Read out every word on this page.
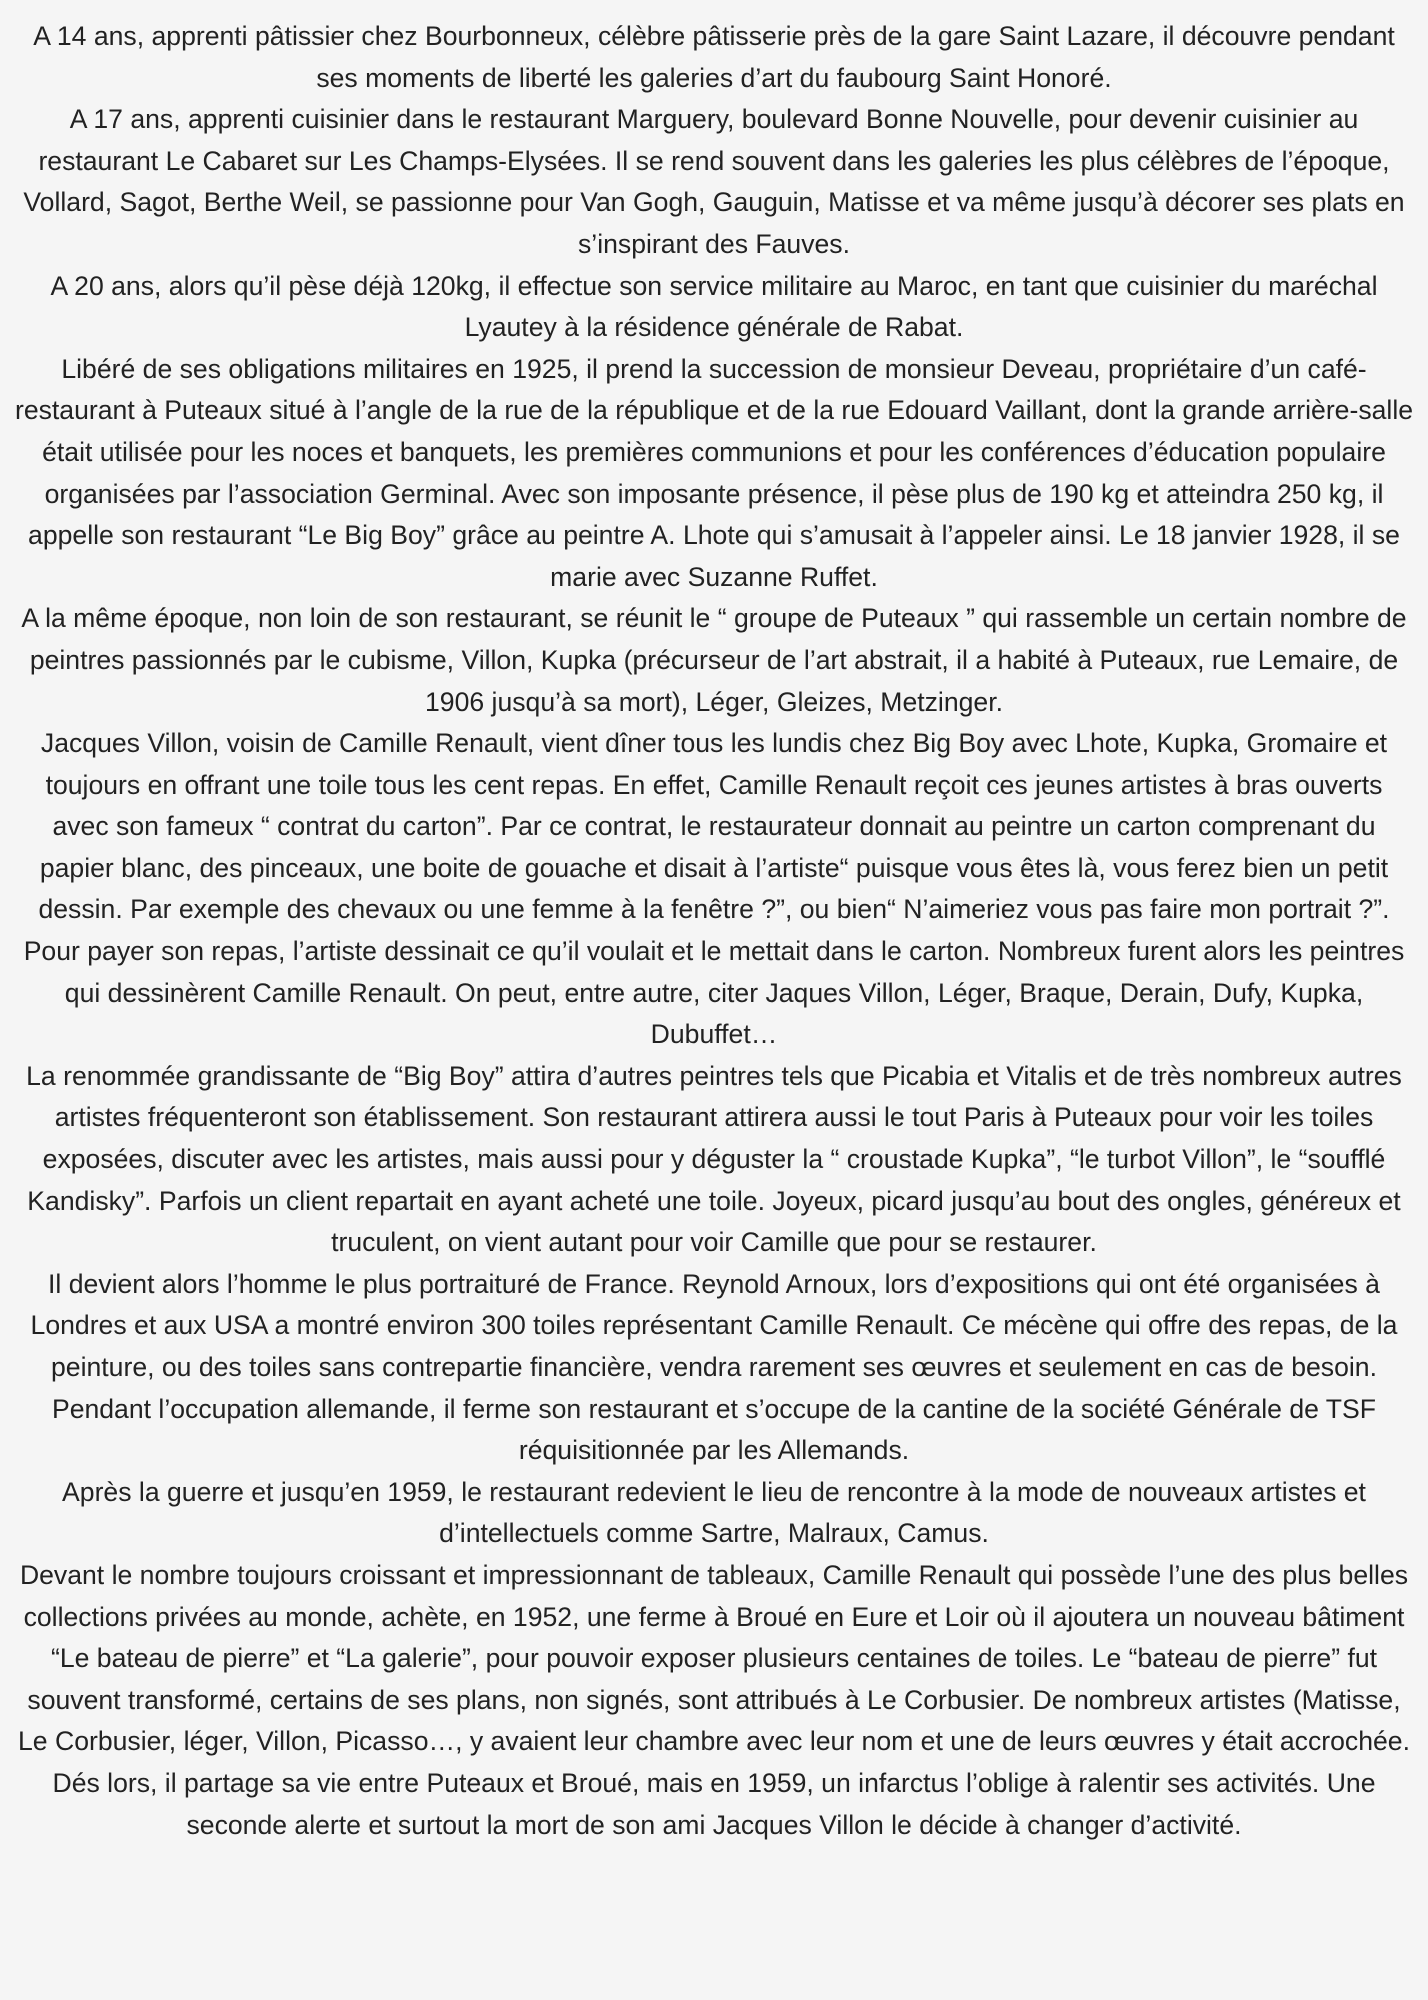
A 14 ans, apprenti pâtissier chez Bourbonneux, célèbre pâtisserie près de la gare Saint Lazare, il découvre pendant ses moments de liberté les galeries d’art du faubourg Saint Honoré.

A 17 ans, apprenti cuisinier dans le restaurant Marguery, boulevard Bonne Nouvelle, pour devenir cuisinier au restaurant Le Cabaret sur Les Champs-Elysées. Il se rend souvent dans les galeries les plus célèbres de l’époque, Vollard, Sagot, Berthe Weil, se passionne pour Van Gogh, Gauguin, Matisse et va même jusqu’à décorer ses plats en s’inspirant des Fauves.

A 20 ans, alors qu’il pèse déjà 120kg, il effectue son service militaire au Maroc, en tant que cuisinier du maréchal Lyautey à la résidence générale de Rabat.

Libéré de ses obligations militaires en 1925, il prend la succession de monsieur Deveau, propriétaire d’un café-restaurant à Puteaux situé à l’angle de la rue de la république et de la rue Edouard Vaillant, dont la grande arrière-salle était utilisée pour les noces et banquets, les premières communions et pour les conférences d’éducation populaire organisées par l’association Germinal. Avec son imposante présence, il pèse plus de 190 kg et atteindra 250 kg, il appelle son restaurant “Le Big Boy” grâce au peintre A. Lhote qui s’amusait à l’appeler ainsi. Le 18 janvier 1928, il se marie avec Suzanne Ruffet.

A la même époque, non loin de son restaurant, se réunit le “ groupe de Puteaux ” qui rassemble un certain nombre de peintres passionnés par le cubisme, Villon, Kupka (précurseur de l’art abstrait, il a habité à Puteaux, rue Lemaire, de 1906 jusqu’à sa mort), Léger, Gleizes, Metzinger.

Jacques Villon, voisin de Camille Renault, vient dîner tous les lundis chez Big Boy avec Lhote, Kupka, Gromaire et toujours en offrant une toile tous les cent repas. En effet, Camille Renault reçoit ces jeunes artistes à bras ouverts avec son fameux “ contrat du carton”. Par ce contrat, le restaurateur donnait au peintre un carton comprenant du papier blanc, des pinceaux, une boite de gouache et disait à l’artiste“ puisque vous êtes là, vous ferez bien un petit dessin. Par exemple des chevaux ou une femme à la fenêtre ?”, ou bien“ N’aimeriez vous pas faire mon portrait ?”. Pour payer son repas, l’artiste dessinait ce qu’il voulait et le mettait dans le carton. Nombreux furent alors les peintres qui dessinèrent Camille Renault. On peut, entre autre, citer Jaques Villon, Léger, Braque, Derain, Dufy, Kupka, Dubuffet…

La renommée grandissante de “Big Boy” attira d’autres peintres tels que Picabia et Vitalis et de très nombreux autres artistes fréquenteront son établissement. Son restaurant attirera aussi le tout Paris à Puteaux pour voir les toiles exposées, discuter avec les artistes, mais aussi pour y déguster la “ croustade Kupka”, “le turbot Villon”, le “soufflé Kandisky”. Parfois un client repartait en ayant acheté une toile. Joyeux, picard jusqu’au bout des ongles, généreux et truculent, on vient autant pour voir Camille que pour se restaurer.

Il devient alors l’homme le plus portraituré de France. Reynold Arnoux, lors d’expositions qui ont été organisées à Londres et aux USA a montré environ 300 toiles représentant Camille Renault. Ce mécène qui offre des repas, de la peinture, ou des toiles sans contrepartie financière, vendra rarement ses œuvres et seulement en cas de besoin. Pendant l’occupation allemande, il ferme son restaurant et s’occupe de la cantine de la société Générale de TSF réquisitionnée par les Allemands.

Après la guerre et jusqu’en 1959, le restaurant redevient le lieu de rencontre à la mode de nouveaux artistes et d’intellectuels comme Sartre, Malraux, Camus.

Devant le nombre toujours croissant et impressionnant de tableaux, Camille Renault qui possède l’une des plus belles collections privées au monde, achète, en 1952, une ferme à Broué en Eure et Loir où il ajoutera un nouveau bâtiment “Le bateau de pierre” et “La galerie”, pour pouvoir exposer plusieurs centaines de toiles. Le “bateau de pierre” fut souvent transformé, certains de ses plans, non signés, sont attribués à Le Corbusier. De nombreux artistes (Matisse, Le Corbusier, léger, Villon, Picasso…, y avaient leur chambre avec leur nom et une de leurs œuvres y était accrochée. Dés lors, il partage sa vie entre Puteaux et Broué, mais en 1959, un infarctus l’oblige à ralentir ses activités. Une seconde alerte et surtout la mort de son ami Jacques Villon le décide à changer d’activité.
